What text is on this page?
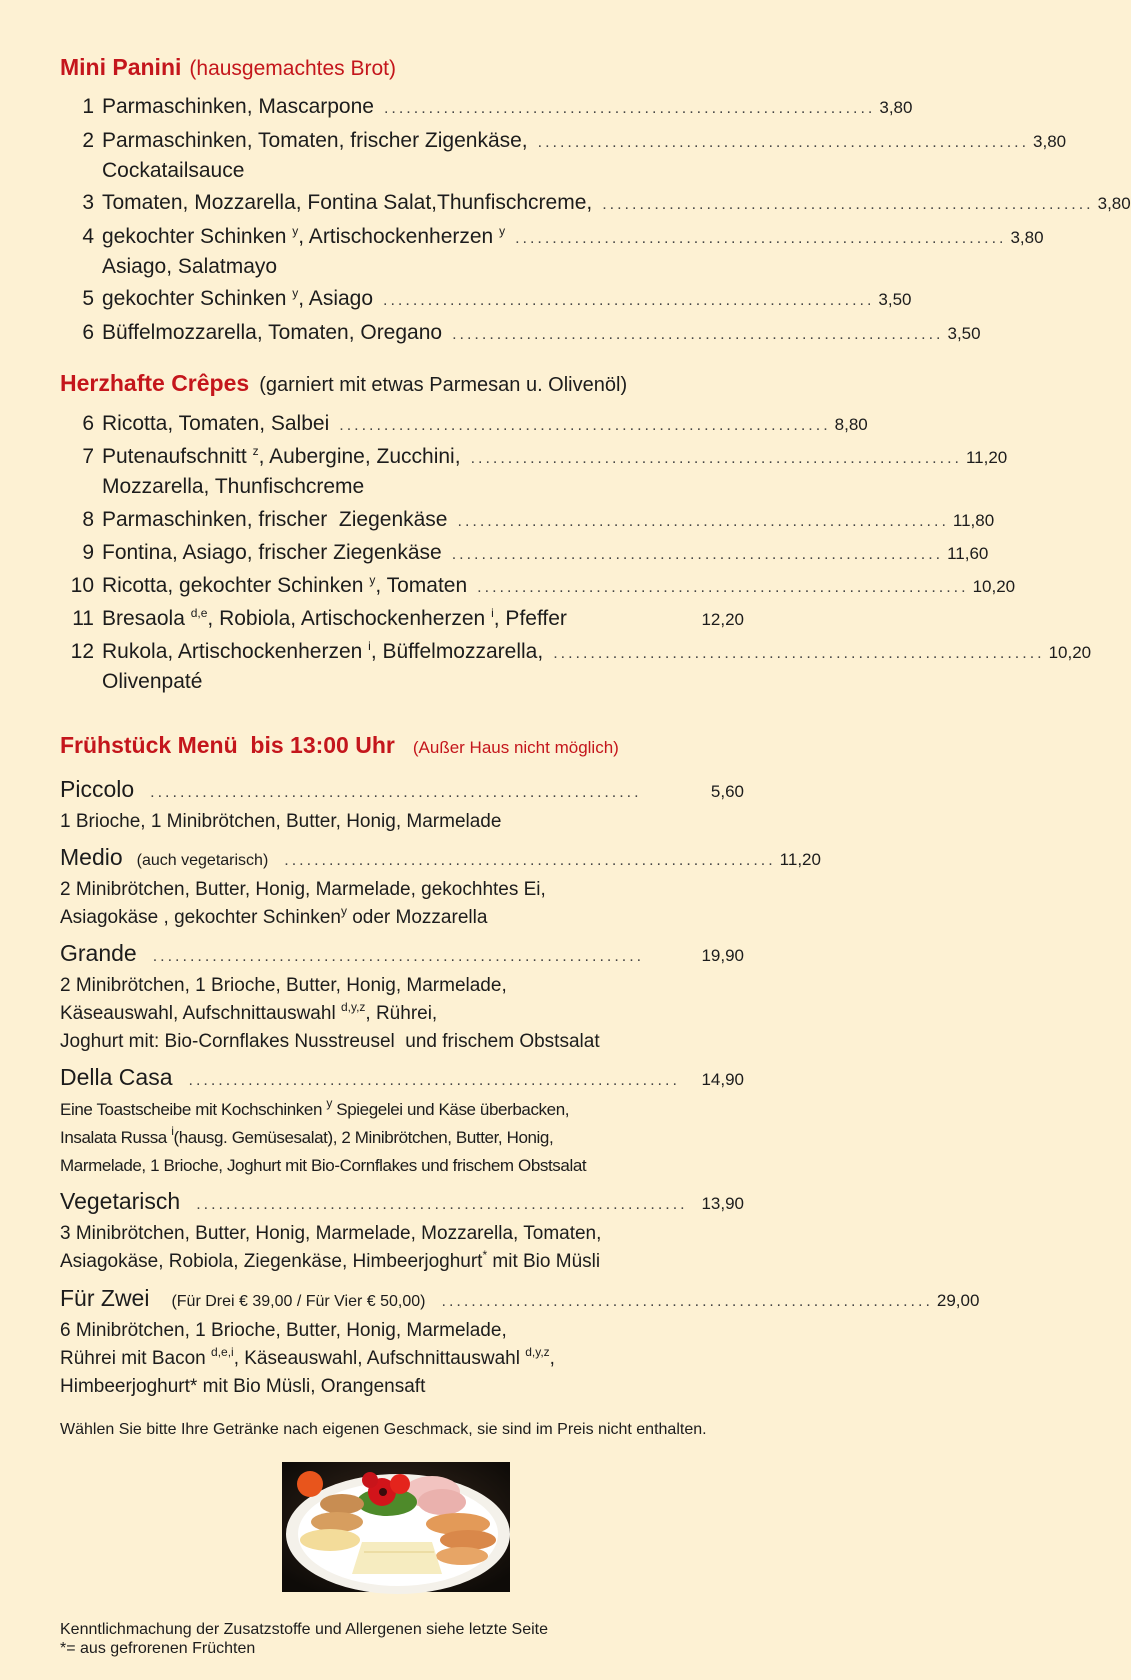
Mini Panini (hausgemachtes Brot)
1 Parmaschinken, Mascarpone .................................................................. 3,80
2 Parmaschinken, Tomaten, frischer Zigenkäse, .................................................................. 3,80
Cockatailsauce
3 Tomaten, Mozzarella, Fontina Salat,Thunfischcreme, .................................................................. 3,80
4 gekochter Schinken $^y$, Artischockenherzen $^y$ .................................................................. 3,80
Asiago, Salatmayo
5 gekochter Schinken $^y$, Asiago .................................................................. 3,50
6 Büffelmozzarella, Tomaten, Oregano .................................................................. 3,50
Herzhafte Crêpes (garniert mit etwas Parmesan u. Olivenöl)
6 Ricotta, Tomaten, Salbei .................................................................. 8,80
7 Putenaufschnitt $^z$, Aubergine, Zucchini, .................................................................. 11,20
Mozzarella, Thunfischcreme
8 Parmaschinken, frischer  Ziegenkäse .................................................................. 11,80
9 Fontina, Asiago, frischer Ziegenkäse .................................................................. 11,60
10 Ricotta, gekochter Schinken $^y$, Tomaten .................................................................. 10,20
11 Bresaola $^{d,e}$, Robiola, Artischockenherzen $^i$, Pfeffer	12,20
12 Rukola, Artischockenherzen $^i$, Büffelmozzarella, .................................................................. 10,20
Olivenpaté
Frühstück Menü  bis 13:00 Uhr (Außer Haus nicht möglich)
Piccolo ..................................................................	5,60
1 Brioche, 1 Minibrötchen, Butter, Honig, Marmelade
Medio (auch vegetarisch) .................................................................. 11,20
2 Minibrötchen, Butter, Honig, Marmelade, gekochhtes Ei,
Asiagokäse , gekochter Schinken$^y$ oder Mozzarella
Grande ..................................................................	19,90
2 Minibrötchen, 1 Brioche, Butter, Honig, Marmelade,
Käseauswahl, Aufschnittauswahl $^{d,y,z}$, Rührei,
Joghurt mit: Bio-Cornflakes Nusstreusel  und frischem Obstsalat
Della Casa ..................................................................	14,90
Eine Toastscheibe mit Kochschinken $^y$ Spiegelei und Käse überbacken,
Insalata Russa $^i$(hausg. Gemüsesalat), 2 Minibrötchen, Butter, Honig,
Marmelade, 1 Brioche, Joghurt mit Bio-Cornflakes und frischem Obstsalat
Vegetarisch .................................................................. 13,90
3 Minibrötchen, Butter, Honig, Marmelade, Mozzarella, Tomaten,
Asiagokäse, Robiola, Ziegenkäse, Himbeerjoghurt* mit Bio Müsli
Für Zwei (Für Drei € 39,00 / Für Vier € 50,00) .................................................................. 29,00
6 Minibrötchen, 1 Brioche, Butter, Honig, Marmelade,
Rührei mit Bacon $^{d,e,i}$, Käseauswahl, Aufschnittauswahl $^{d,y,z}$,
Himbeerjoghurt* mit Bio Müsli, Orangensaft
Wählen Sie bitte Ihre Getränke nach eigenen Geschmack, sie sind im Preis nicht enthalten.
Kenntlichmachung der Zusatzstoffe und Allergenen siehe letzte Seite
*= aus gefrorenen Früchten
